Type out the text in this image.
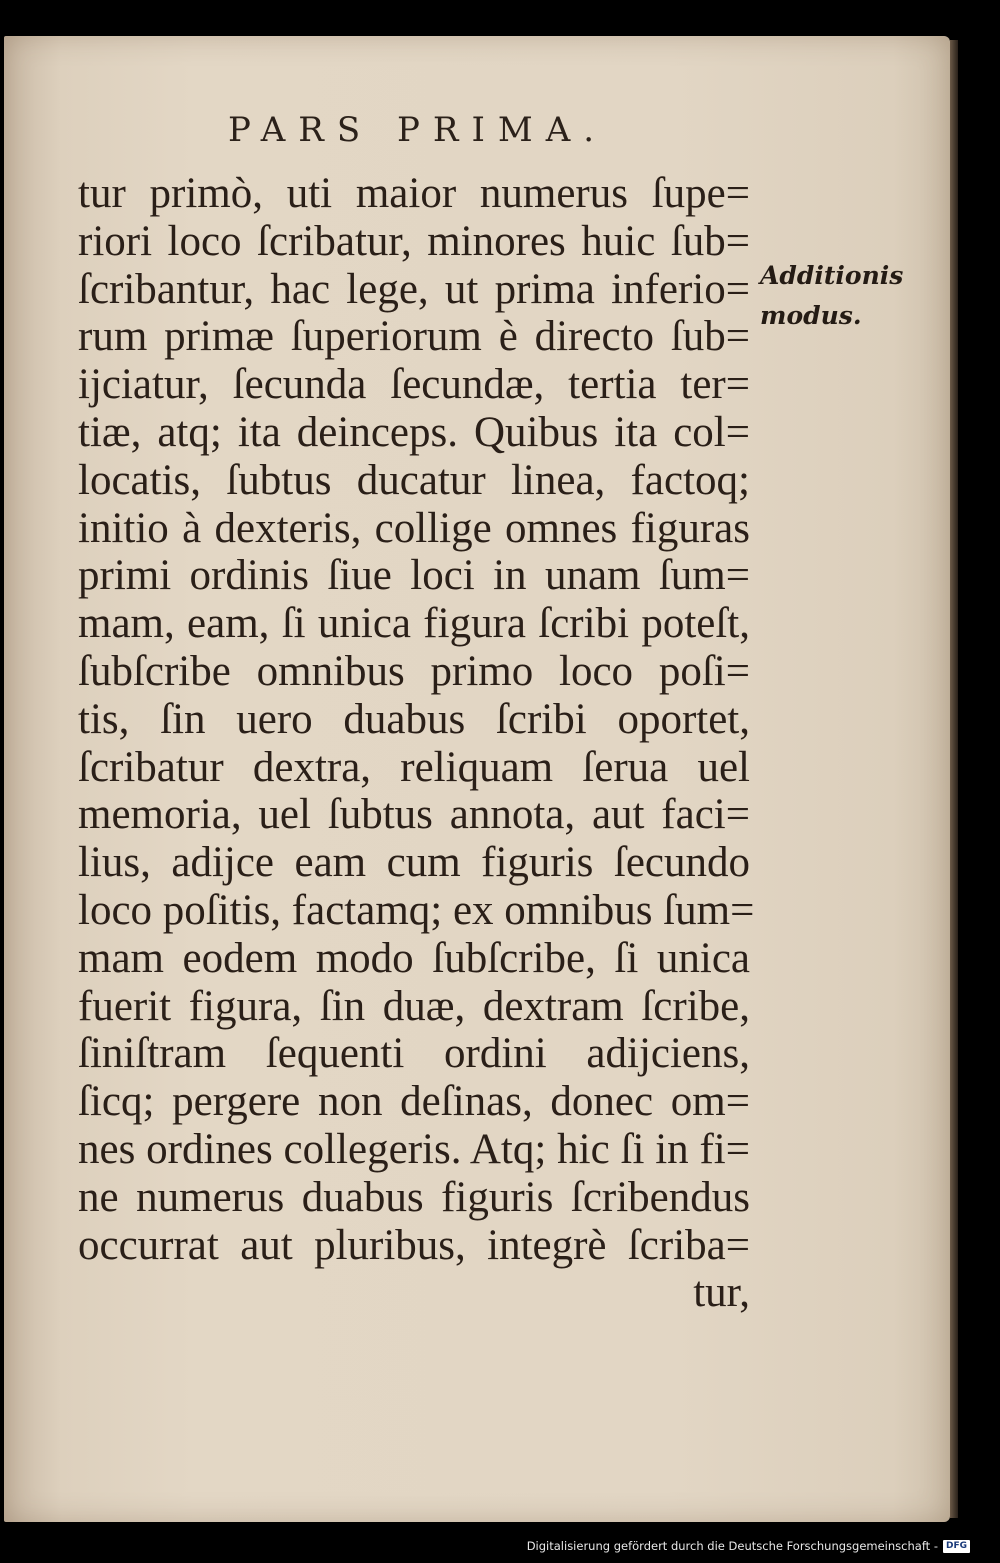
PARS PRIMA.
tur primò, uti maior numerus ſupe=
riori loco ſcribatur, minores huic ſub=
ſcribantur, hac lege, ut prima inferio=
rum primæ ſuperiorum è directo ſub=
ijciatur, ſecunda ſecundæ, tertia ter=
tiæ, atq; ita deinceps. Quibus ita col=
locatis, ſubtus ducatur linea, factoq;
initio à dexteris, collige omnes figuras
primi ordinis ſiue loci in unam ſum=
mam, eam, ſi unica figura ſcribi poteſt,
ſubſcribe omnibus primo loco poſi=
tis, ſin uero duabus ſcribi oportet,
ſcribatur dextra, reliquam ſerua uel
memoria, uel ſubtus annota, aut faci=
lius, adijce eam cum figuris ſecundo
loco poſitis, factamq; ex omnibus ſum=
mam eodem modo ſubſcribe, ſi unica
fuerit figura, ſin duæ, dextram ſcribe,
ſiniſtram ſequenti ordini adijciens,
ſicq; pergere non deſinas, donec om=
nes ordines collegeris. Atq; hic ſi in fi=
ne numerus duabus figuris ſcribendus
occurrat aut pluribus, integrè ſcriba=
tur,
Additionis
modus.
Digitalisierung gefördert durch die Deutsche Forschungsgemeinschaft - DFG
